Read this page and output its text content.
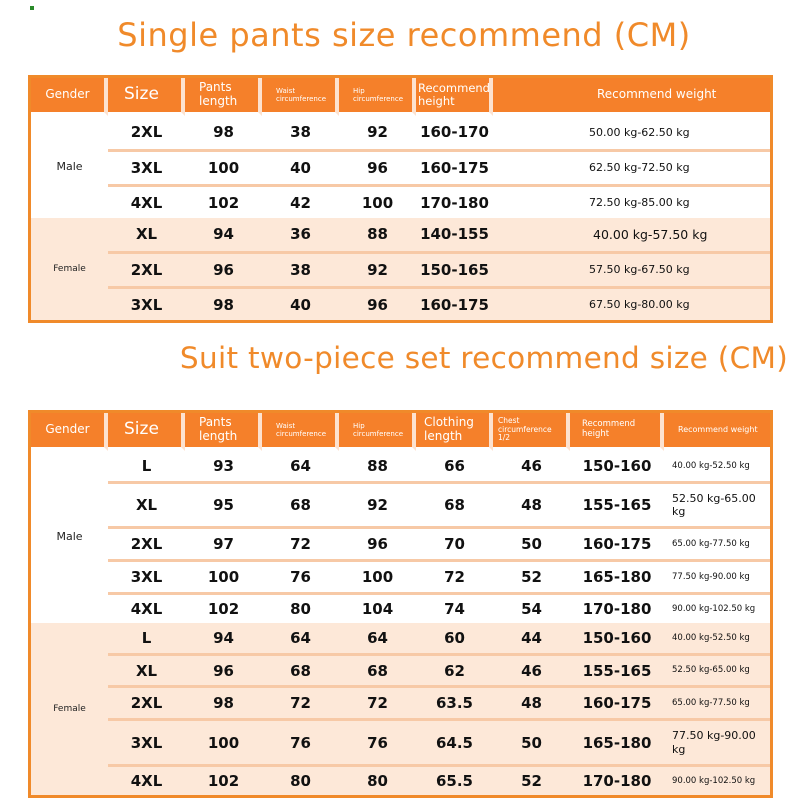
Single pants size recommend (CM)
Gender	Size	Pants length	Waist circumference	Hip circumference	Recommend height	Recommend weight
Male	2XL	98	38	92	160-170	50.00 kg-62.50 kg
	3XL	100	40	96	160-175	62.50 kg-72.50 kg
	4XL	102	42	100	170-180	72.50 kg-85.00 kg
Female	XL	94	36	88	140-155	40.00 kg-57.50 kg
	2XL	96	38	92	150-165	57.50 kg-67.50 kg
	3XL	98	40	96	160-175	67.50 kg-80.00 kg
Suit two-piece set recommend size (CM)
Gender	Size	Pants length	Waist circumference	Hip circumference	Clothing length	Chest circumference 1/2	Recommend height	Recommend weight
Male	L	93	64	88	66	46	150-160	40.00 kg-52.50 kg
	XL	95	68	92	68	48	155-165	52.50 kg-65.00 kg
	2XL	97	72	96	70	50	160-175	65.00 kg-77.50 kg
	3XL	100	76	100	72	52	165-180	77.50 kg-90.00 kg
	4XL	102	80	104	74	54	170-180	90.00 kg-102.50 kg
Female	L	94	64	64	60	44	150-160	40.00 kg-52.50 kg
	XL	96	68	68	62	46	155-165	52.50 kg-65.00 kg
	2XL	98	72	72	63.5	48	160-175	65.00 kg-77.50 kg
	3XL	100	76	76	64.5	50	165-180	77.50 kg-90.00 kg
	4XL	102	80	80	65.5	52	170-180	90.00 kg-102.50 kg
